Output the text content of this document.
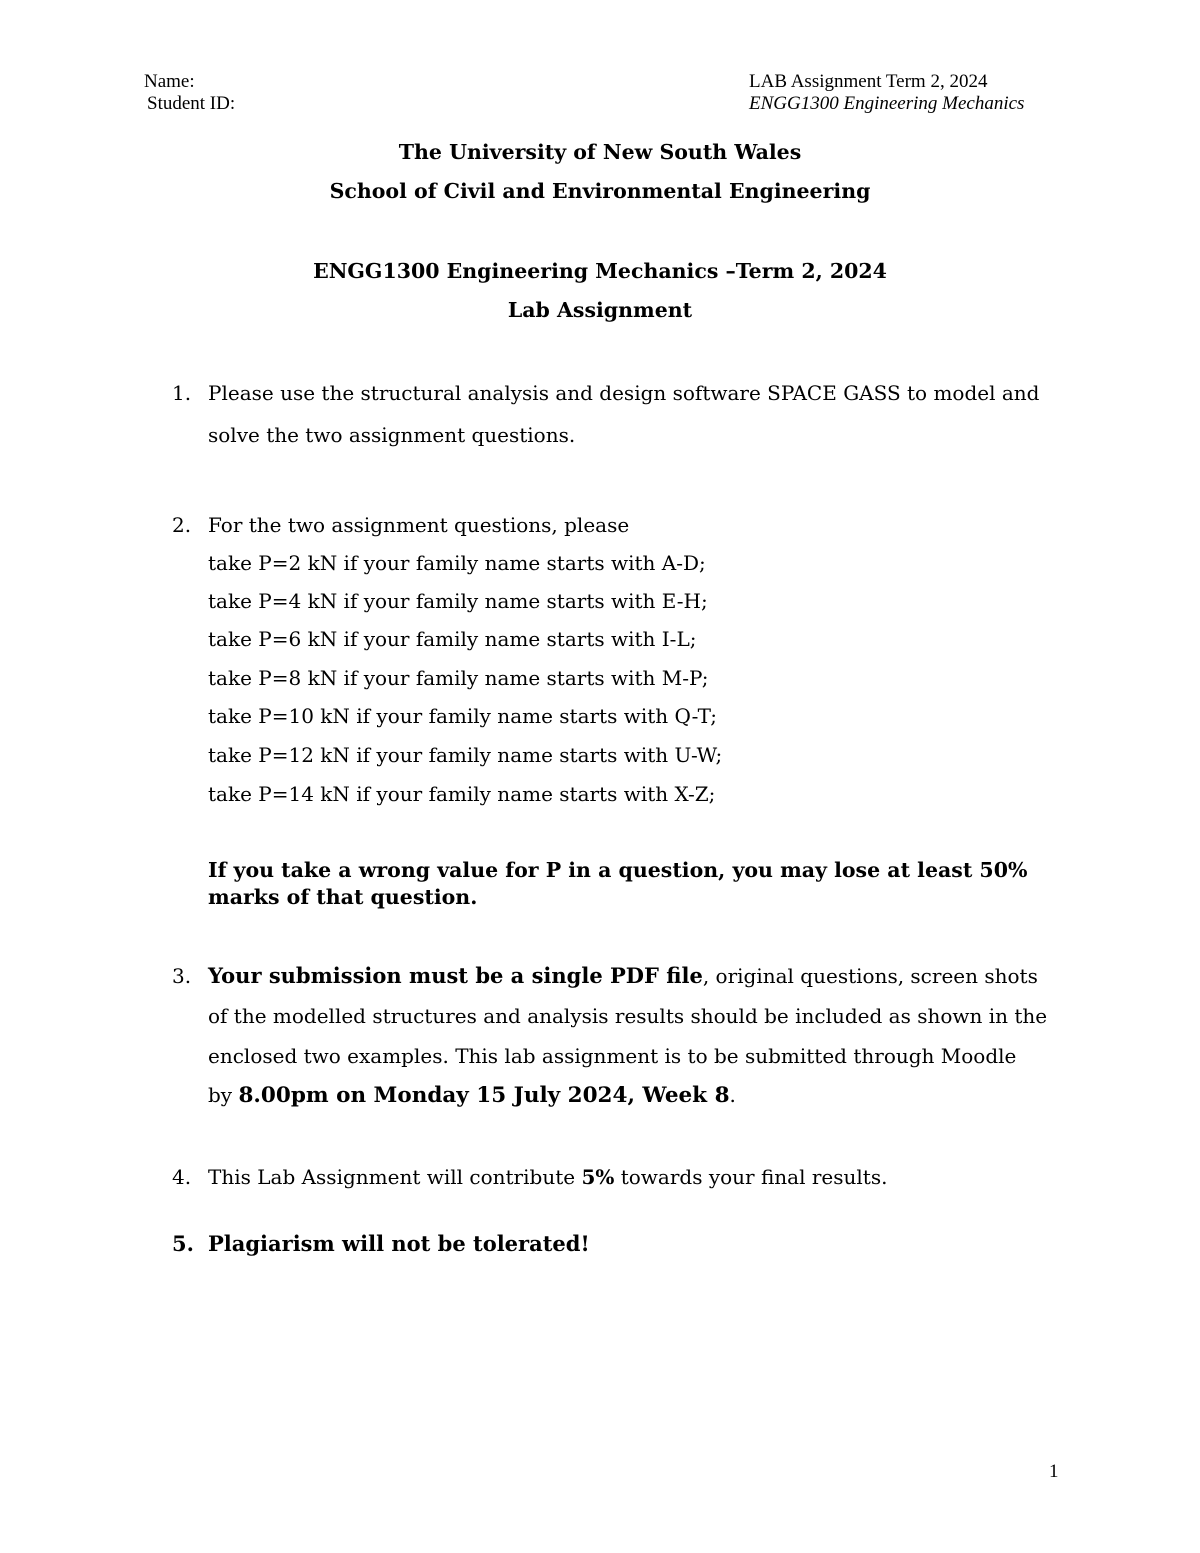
Name:
Student ID:
LAB Assignment Term 2, 2024
ENGG1300 Engineering Mechanics
The University of New South Wales
School of Civil and Environmental Engineering
ENGG1300 Engineering Mechanics –Term 2, 2024
Lab Assignment
1. Please use the structural analysis and design software SPACE GASS to model and
solve the two assignment questions.
2. For the two assignment questions, please
take P=2 kN if your family name starts with A-D;
take P=4 kN if your family name starts with E-H;
take P=6 kN if your family name starts with I-L;
take P=8 kN if your family name starts with M-P;
take P=10 kN if your family name starts with Q-T;
take P=12 kN if your family name starts with U-W;
take P=14 kN if your family name starts with X-Z;
If you take a wrong value for P in a question, you may lose at least 50%
marks of that question.
3. Your submission must be a single PDF file, original questions, screen shots
of the modelled structures and analysis results should be included as shown in the
enclosed two examples. This lab assignment is to be submitted through Moodle
by 8.00pm on Monday 15 July 2024, Week 8.
4. This Lab Assignment will contribute 5% towards your final results.
5. Plagiarism will not be tolerated!
1
